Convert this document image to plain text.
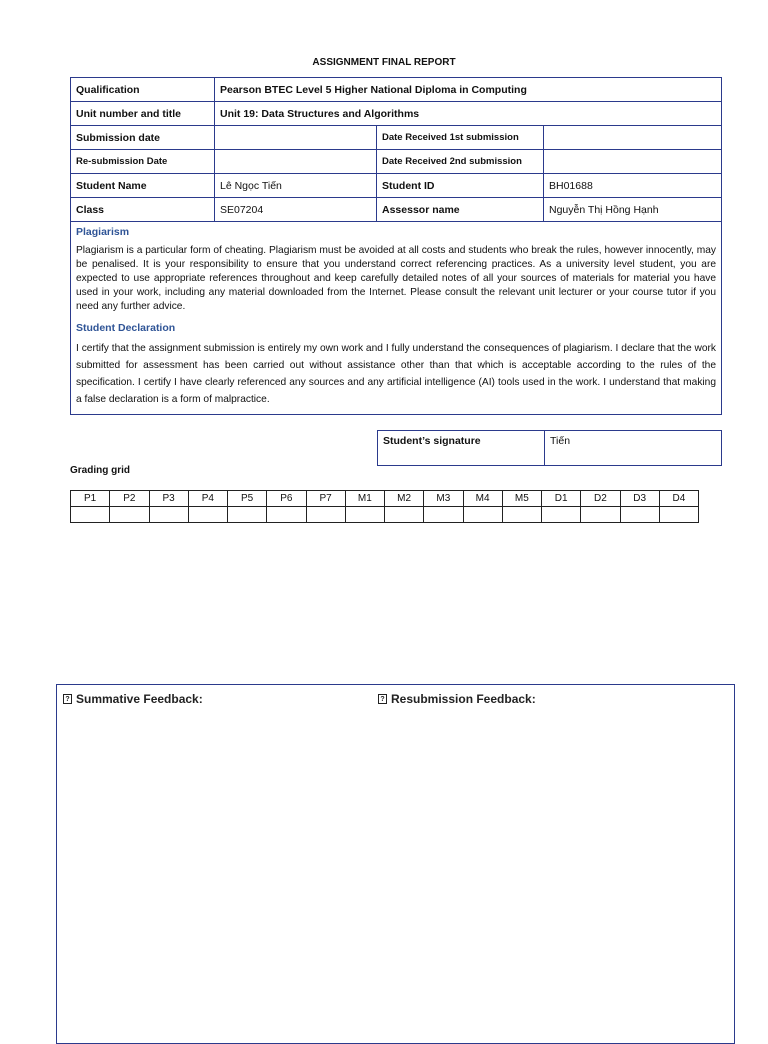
ASSIGNMENT FINAL REPORT
Qualification	Pearson BTEC Level 5 Higher National Diploma in Computing		
Unit number and title	Unit 19: Data Structures and Algorithms		
Submission date		Date Received 1st submission	
Re-submission Date		Date Received 2nd submission	
Student Name	Lê Ngọc Tiến	Student ID	BH01688
Class	SE07204	Assessor name	Nguyễn Thị Hồng Hạnh

Plagiarism

Plagiarism is a particular form of cheating. Plagiarism must be avoided at all costs and students who break the rules, however innocently, may be penalised. It is your responsibility to ensure that you understand correct referencing practices. As a university level student, you are expected to use appropriate references throughout and keep carefully detailed notes of all your sources of materials for material you have used in your work, including any material downloaded from the Internet. Please consult the relevant unit lecturer or your course tutor if you need any further advice.

Student Declaration

I certify that the assignment submission is entirely my own work and I fully understand the consequences of plagiarism. I declare that the work submitted for assessment has been carried out without assistance other than that which is acceptable according to the rules of the specification. I certify I have clearly referenced any sources and any artificial intelligence (AI) tools used in the work. I understand that making a false declaration is a form of malpractice.			

Student’s signature	Tiến
Grading grid
P1	P2	P3	P4	P5	P6	P7	M1	M2	M3	M4	M5	D1	D2	D3	D4

? Summative Feedback:	? Resubmission Feedback:
